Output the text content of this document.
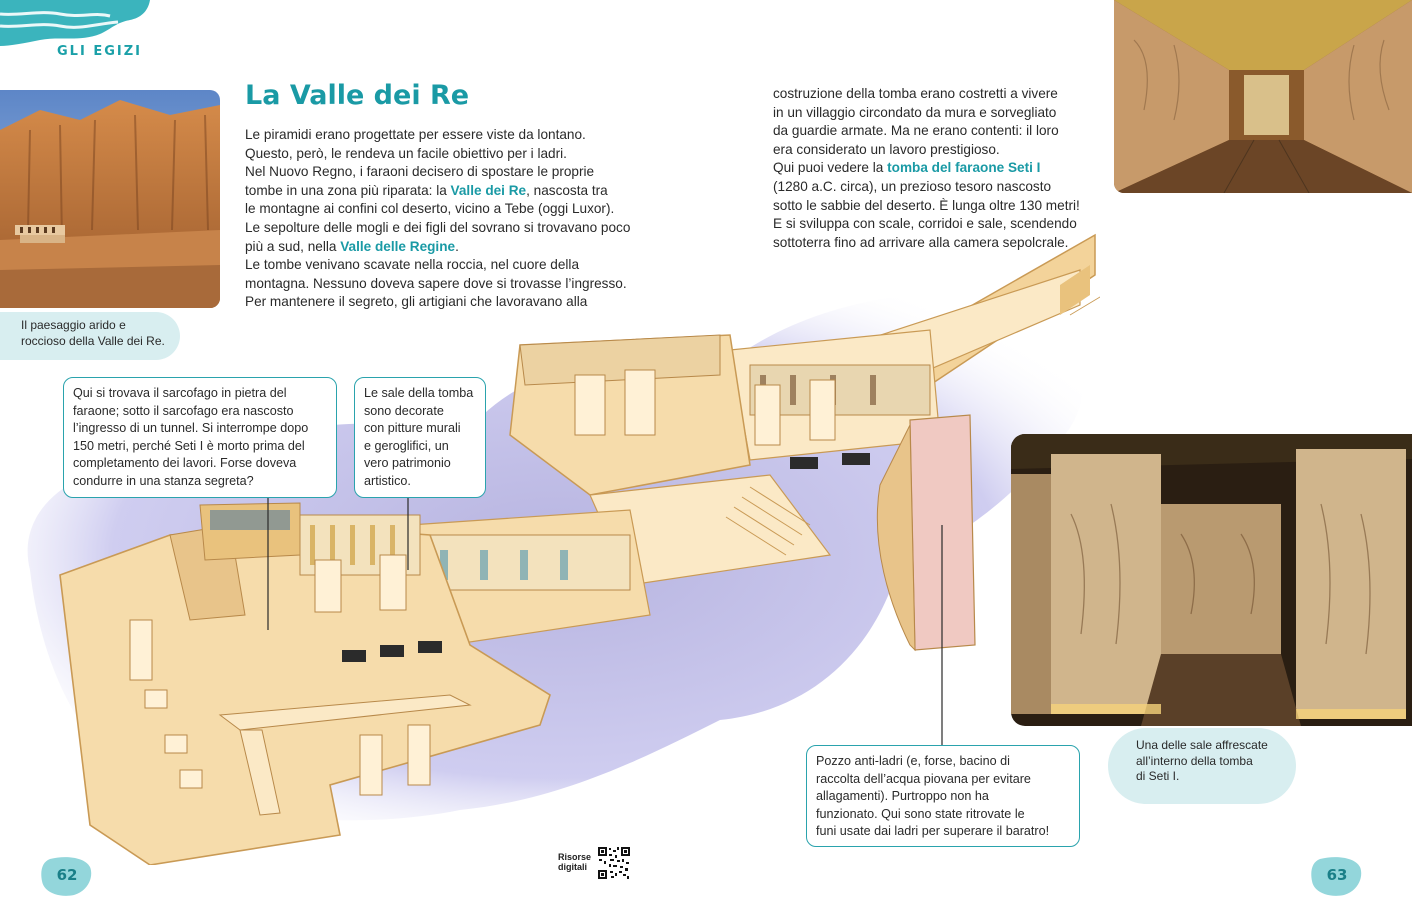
GLI EGIZI
La Valle dei Re
Le piramidi erano progettate per essere viste da lontano.
Questo, però, le rendeva un facile obiettivo per i ladri.
Nel Nuovo Regno, i faraoni decisero di spostare le proprie
tombe in una zona più riparata: la Valle dei Re, nascosta tra
le montagne ai confini col deserto, vicino a Tebe (oggi Luxor).
Le sepolture delle mogli e dei figli del sovrano si trovavano poco
più a sud, nella Valle delle Regine.
Le tombe venivano scavate nella roccia, nel cuore della
montagna. Nessuno doveva sapere dove si trovasse l’ingresso.
Per mantenere il segreto, gli artigiani che lavoravano alla
costruzione della tomba erano costretti a vivere
in un villaggio circondato da mura e sorvegliato
da guardie armate. Ma ne erano contenti: il loro
era considerato un lavoro prestigioso.
Qui puoi vedere la tomba del faraone Seti I
(1280 a.C. circa), un prezioso tesoro nascosto
sotto le sabbie del deserto. È lunga oltre 130 metri!
E si sviluppa con scale, corridoi e sale, scendendo
sottoterra fino ad arrivare alla camera sepolcrale.
Il paesaggio arido e
roccioso della Valle dei Re.
Una delle sale affrescate
all’interno della tomba
di Seti I.
Qui si trovava il sarcofago in pietra del
faraone; sotto il sarcofago era nascosto
l’ingresso di un tunnel. Si interrompe dopo
150 metri, perché Seti I è morto prima del
completamento dei lavori. Forse doveva
condurre in una stanza segreta?
Le sale della tomba
sono decorate
con pitture murali
e geroglifici, un
vero patrimonio
artistico.
Pozzo anti-ladri (e, forse, bacino di
raccolta dell’acqua piovana per evitare
allagamenti). Purtroppo non ha
funzionato. Qui sono state ritrovate le
funi usate dai ladri per superare il baratro!
62	63
Risorse
digitali
